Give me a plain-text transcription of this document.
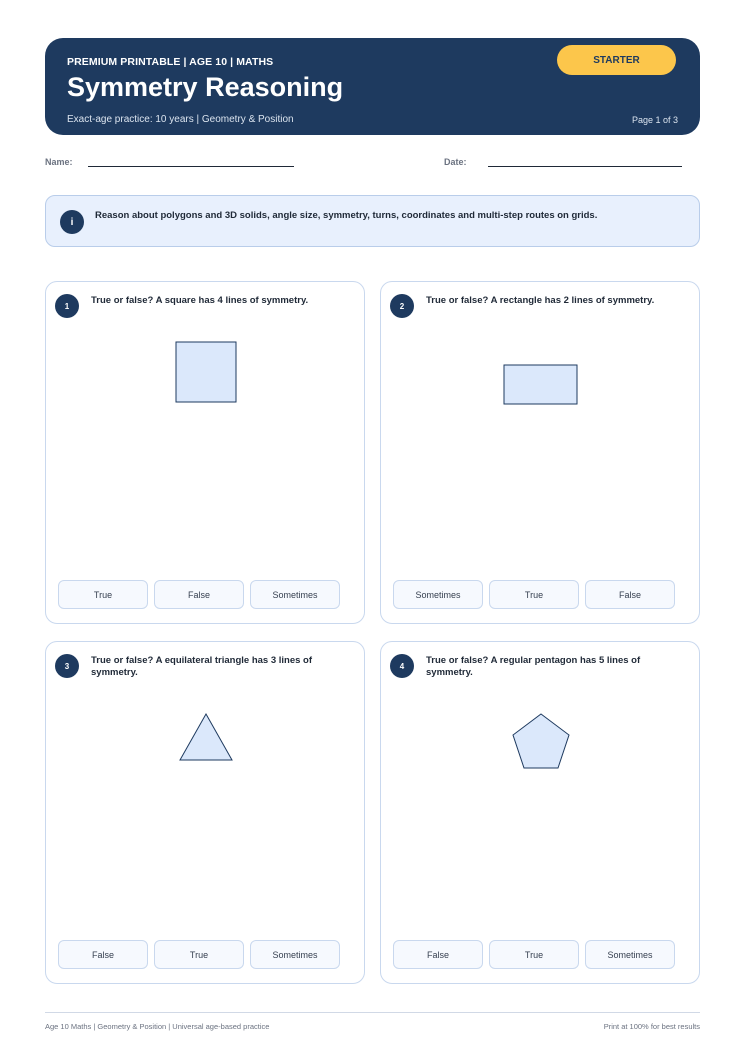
PREMIUM PRINTABLE | AGE 10 | MATHS
Symmetry Reasoning
Exact-age practice: 10 years | Geometry & Position	Page 1 of 3
STARTER
Name:	Date:
i
Reason about polygons and 3D solids, angle size, symmetry, turns, coordinates and multi-step routes on grids.
1	True or false? A square has 4 lines of symmetry.
True	False	Sometimes
2	True or false? A rectangle has 2 lines of symmetry.
Sometimes	True	False
3	True or false? A equilateral triangle has 3 lines of symmetry.
False	True	Sometimes
4	True or false? A regular pentagon has 5 lines of symmetry.
False	True	Sometimes
Age 10 Maths | Geometry & Position | Universal age-based practice	Print at 100% for best results
